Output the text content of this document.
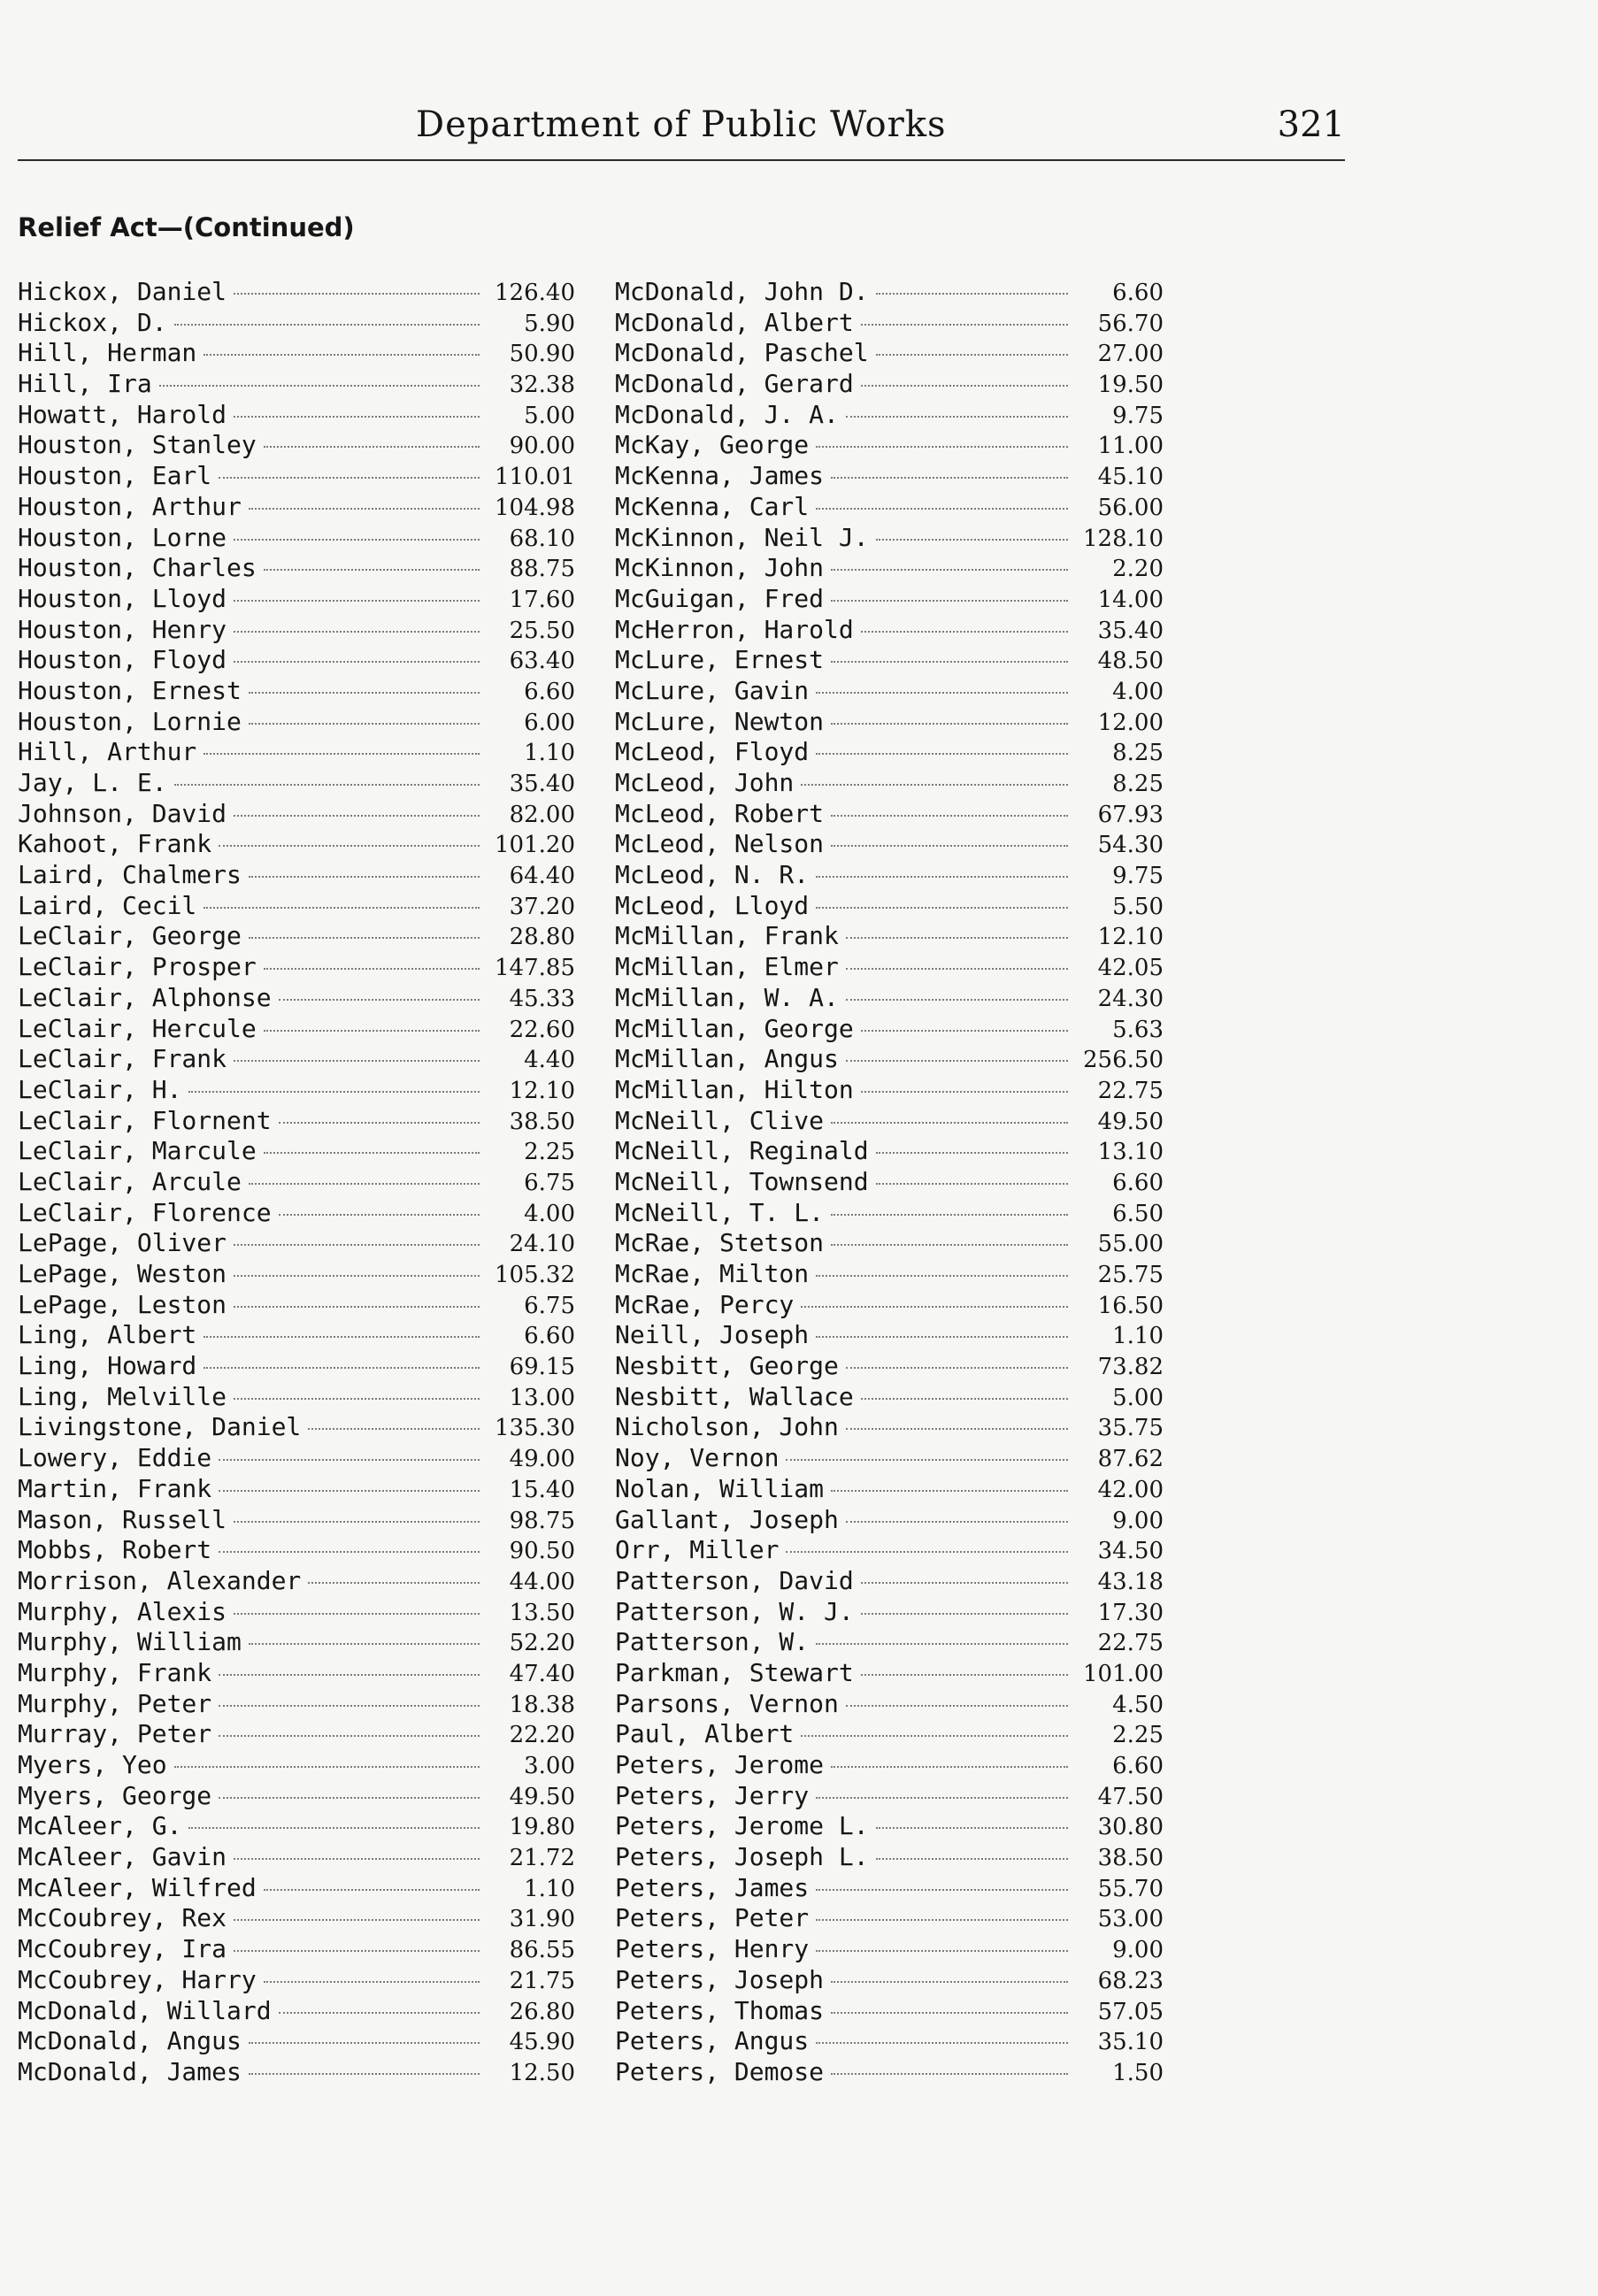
Department of Public Works	321
Relief Act—(Continued)
Hickox, Daniel	126.40
Hickox, D.	5.90
Hill, Herman	50.90
Hill, Ira	32.38
Howatt, Harold	5.00
Houston, Stanley	90.00
Houston, Earl	110.01
Houston, Arthur	104.98
Houston, Lorne	68.10
Houston, Charles	88.75
Houston, Lloyd	17.60
Houston, Henry	25.50
Houston, Floyd	63.40
Houston, Ernest	6.60
Houston, Lornie	6.00
Hill, Arthur	1.10
Jay, L. E.	35.40
Johnson, David	82.00
Kahoot, Frank	101.20
Laird, Chalmers	64.40
Laird, Cecil	37.20
LeClair, George	28.80
LeClair, Prosper	147.85
LeClair, Alphonse	45.33
LeClair, Hercule	22.60
LeClair, Frank	4.40
LeClair, H.	12.10
LeClair, Flornent	38.50
LeClair, Marcule	2.25
LeClair, Arcule	6.75
LeClair, Florence	4.00
LePage, Oliver	24.10
LePage, Weston	105.32
LePage, Leston	6.75
Ling, Albert	6.60
Ling, Howard	69.15
Ling, Melville	13.00
Livingstone, Daniel	135.30
Lowery, Eddie	49.00
Martin, Frank	15.40
Mason, Russell	98.75
Mobbs, Robert	90.50
Morrison, Alexander	44.00
Murphy, Alexis	13.50
Murphy, William	52.20
Murphy, Frank	47.40
Murphy, Peter	18.38
Murray, Peter	22.20
Myers, Yeo	3.00
Myers, George	49.50
McAleer, G.	19.80
McAleer, Gavin	21.72
McAleer, Wilfred	1.10
McCoubrey, Rex	31.90
McCoubrey, Ira	86.55
McCoubrey, Harry	21.75
McDonald, Willard	26.80
McDonald, Angus	45.90
McDonald, James	12.50
McDonald, John D.	6.60
McDonald, Albert	56.70
McDonald, Paschel	27.00
McDonald, Gerard	19.50
McDonald, J. A.	9.75
McKay, George	11.00
McKenna, James	45.10
McKenna, Carl	56.00
McKinnon, Neil J.	128.10
McKinnon, John	2.20
McGuigan, Fred	14.00
McHerron, Harold	35.40
McLure, Ernest	48.50
McLure, Gavin	4.00
McLure, Newton	12.00
McLeod, Floyd	8.25
McLeod, John	8.25
McLeod, Robert	67.93
McLeod, Nelson	54.30
McLeod, N. R.	9.75
McLeod, Lloyd	5.50
McMillan, Frank	12.10
McMillan, Elmer	42.05
McMillan, W. A.	24.30
McMillan, George	5.63
McMillan, Angus	256.50
McMillan, Hilton	22.75
McNeill, Clive	49.50
McNeill, Reginald	13.10
McNeill, Townsend	6.60
McNeill, T. L.	6.50
McRae, Stetson	55.00
McRae, Milton	25.75
McRae, Percy	16.50
Neill, Joseph	1.10
Nesbitt, George	73.82
Nesbitt, Wallace	5.00
Nicholson, John	35.75
Noy, Vernon	87.62
Nolan, William	42.00
Gallant, Joseph	9.00
Orr, Miller	34.50
Patterson, David	43.18
Patterson, W. J.	17.30
Patterson, W.	22.75
Parkman, Stewart	101.00
Parsons, Vernon	4.50
Paul, Albert	2.25
Peters, Jerome	6.60
Peters, Jerry	47.50
Peters, Jerome L.	30.80
Peters, Joseph L.	38.50
Peters, James	55.70
Peters, Peter	53.00
Peters, Henry	9.00
Peters, Joseph	68.23
Peters, Thomas	57.05
Peters, Angus	35.10
Peters, Demose	1.50
